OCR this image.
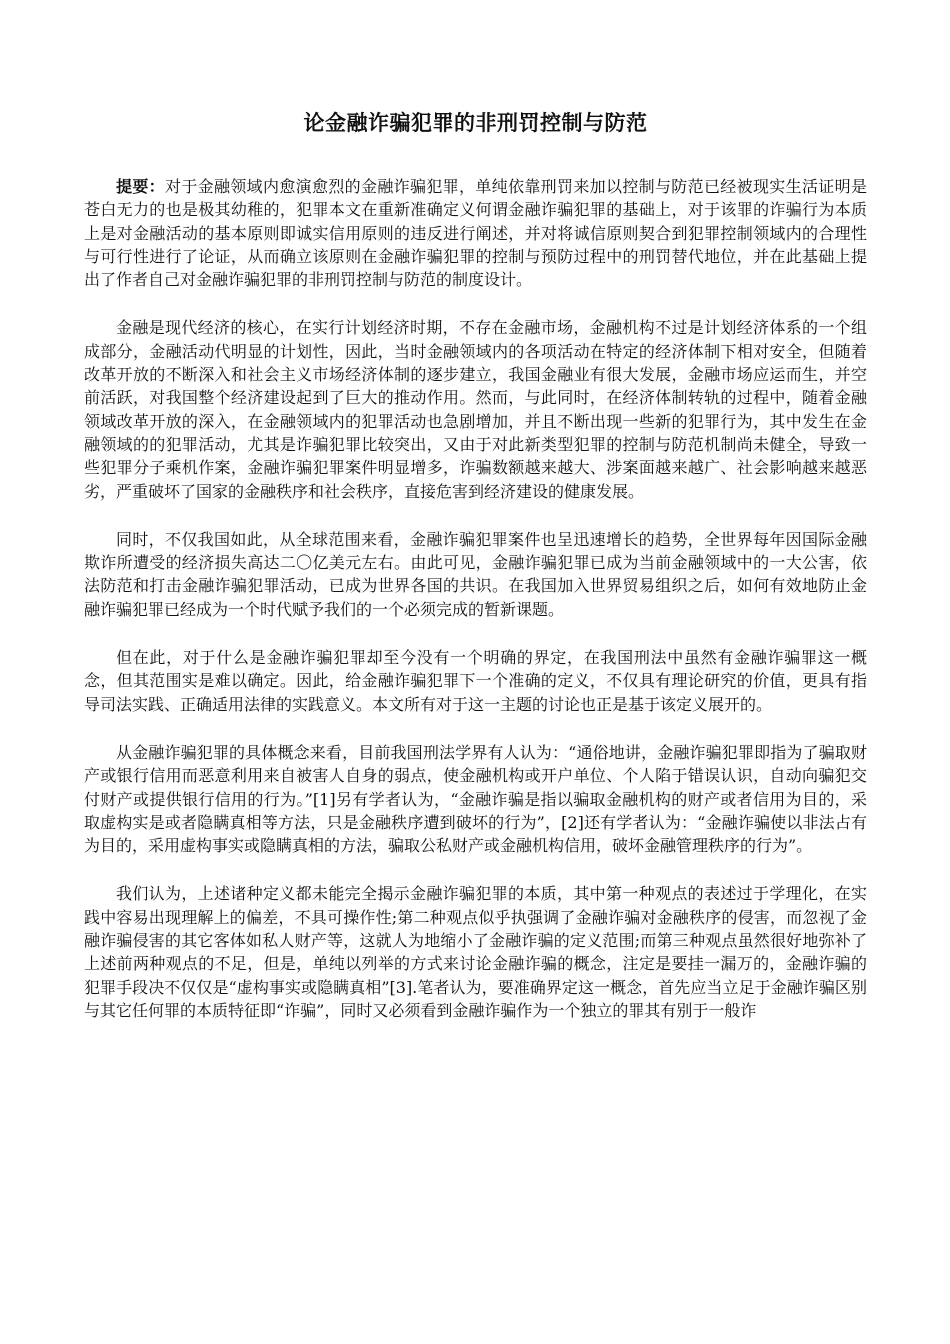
论金融诈骗犯罪的非刑罚控制与防范

提要：对于金融领域内愈演愈烈的金融诈骗犯罪，单纯依靠刑罚来加以控制与防范已经被现实生活证明是苍白无力的也是极其幼稚的，犯罪本文在重新准确定义何谓金融诈骗犯罪的基础上，对于该罪的诈骗行为本质上是对金融活动的基本原则即诚实信用原则的违反进行阐述，并对将诚信原则契合到犯罪控制领域内的合理性与可行性进行了论证，从而确立该原则在金融诈骗犯罪的控制与预防过程中的刑罚替代地位，并在此基础上提出了作者自己对金融诈骗犯罪的非刑罚控制与防范的制度设计。

金融是现代经济的核心，在实行计划经济时期，不存在金融市场，金融机构不过是计划经济体系的一个组成部分，金融活动代明显的计划性，因此，当时金融领域内的各项活动在特定的经济体制下相对安全，但随着改革开放的不断深入和社会主义市场经济体制的逐步建立，我国金融业有很大发展，金融市场应运而生，并空前活跃，对我国整个经济建设起到了巨大的推动作用。然而，与此同时，在经济体制转轨的过程中，随着金融领域改革开放的深入，在金融领域内的犯罪活动也急剧增加，并且不断出现一些新的犯罪行为，其中发生在金融领域的的犯罪活动，尤其是诈骗犯罪比较突出，又由于对此新类型犯罪的控制与防范机制尚未健全，导致一些犯罪分子乘机作案，金融诈骗犯罪案件明显增多，诈骗数额越来越大、涉案面越来越广、社会影响越来越恶劣，严重破坏了国家的金融秩序和社会秩序，直接危害到经济建设的健康发展。

同时，不仅我国如此，从全球范围来看，金融诈骗犯罪案件也呈迅速增长的趋势，全世界每年因国际金融欺诈所遭受的经济损失高达二〇亿美元左右。由此可见，金融诈骗犯罪已成为当前金融领域中的一大公害，依法防范和打击金融诈骗犯罪活动，已成为世界各国的共识。在我国加入世界贸易组织之后，如何有效地防止金融诈骗犯罪已经成为一个时代赋予我们的一个必须完成的暂新课题。

但在此，对于什么是金融诈骗犯罪却至今没有一个明确的界定，在我国刑法中虽然有金融诈骗罪这一概念，但其范围实是难以确定。因此，给金融诈骗犯罪下一个准确的定义，不仅具有理论研究的价值，更具有指导司法实践、正确适用法律的实践意义。本文所有对于这一主题的讨论也正是基于该定义展开的。

从金融诈骗犯罪的具体概念来看，目前我国刑法学界有人认为：“通俗地讲，金融诈骗犯罪即指为了骗取财产或银行信用而恶意利用来自被害人自身的弱点，使金融机构或开户单位、个人陷于错误认识，自动向骗犯交付财产或提供银行信用的行为。”[1]另有学者认为，“金融诈骗是指以骗取金融机构的财产或者信用为目的，采取虚构实是或者隐瞒真相等方法，只是金融秩序遭到破坏的行为”，[2]还有学者认为：“金融诈骗使以非法占有为目的，采用虚构事实或隐瞒真相的方法，骗取公私财产或金融机构信用，破坏金融管理秩序的行为”。

我们认为，上述诸种定义都未能完全揭示金融诈骗犯罪的本质，其中第一种观点的表述过于学理化，在实践中容易出现理解上的偏差，不具可操作性;第二种观点似乎执强调了金融诈骗对金融秩序的侵害，而忽视了金融诈骗侵害的其它客体如私人财产等，这就人为地缩小了金融诈骗的定义范围;而第三种观点虽然很好地弥补了上述前两种观点的不足，但是，单纯以列举的方式来讨论金融诈骗的概念，注定是要挂一漏万的，金融诈骗的犯罪手段决不仅仅是“虚构事实或隐瞒真相”[3].笔者认为，要准确界定这一概念，首先应当立足于金融诈骗区别与其它任何罪的本质特征即“诈骗”，同时又必须看到金融诈骗作为一个独立的罪其有别于一般诈
